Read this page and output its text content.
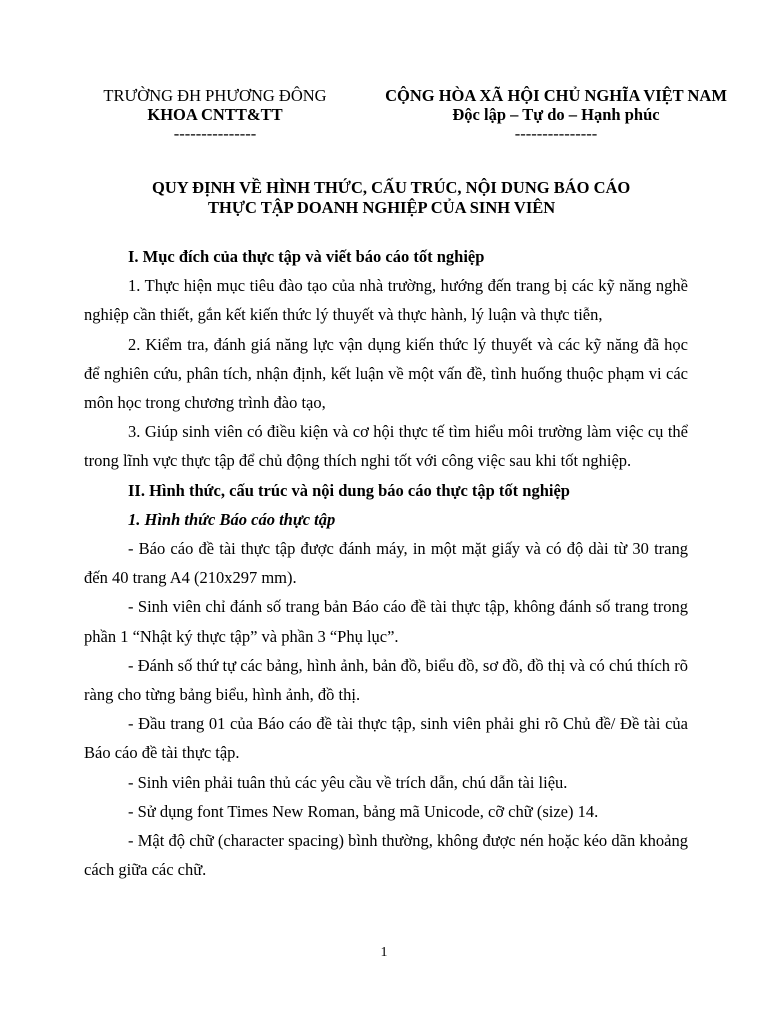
TRƯỜNG ĐH PHƯƠNG ĐÔNG
KHOA CNTT&TT
---------------
CỘNG HÒA XÃ HỘI CHỦ NGHĨA VIỆT NAM
Độc lập – Tự do – Hạnh phúc
---------------
QUY ĐỊNH VỀ HÌNH THỨC, CẤU TRÚC, NỘI DUNG BÁO CÁO
THỰC TẬP DOANH NGHIỆP CỦA SINH VIÊN

I. Mục đích của thực tập và viết báo cáo tốt nghiệp

1. Thực hiện mục tiêu đào tạo của nhà trường, hướng đến trang bị các kỹ năng nghề nghiệp cần thiết, gắn kết kiến thức lý thuyết và thực hành, lý luận và thực tiễn,

2. Kiểm tra, đánh giá năng lực vận dụng kiến thức lý thuyết và các kỹ năng đã học để nghiên cứu, phân tích, nhận định, kết luận về một vấn đề, tình huống thuộc phạm vi các môn học trong chương trình đào tạo,

3. Giúp sinh viên có điều kiện và cơ hội thực tế tìm hiểu môi trường làm việc cụ thể trong lĩnh vực thực tập để chủ động thích nghi tốt với công việc sau khi tốt nghiệp.

II. Hình thức, cấu trúc và nội dung báo cáo thực tập tốt nghiệp

1. Hình thức Báo cáo thực tập

- Báo cáo đề tài thực tập được đánh máy, in một mặt giấy và có độ dài từ 30 trang đến 40 trang A4 (210x297 mm).

- Sinh viên chỉ đánh số trang bản Báo cáo đề tài thực tập, không đánh số trang trong phần 1 “Nhật ký thực tập” và phần 3 “Phụ lục”.

- Đánh số thứ tự các bảng, hình ảnh, bản đồ, biểu đồ, sơ đồ, đồ thị và có chú thích rõ ràng cho từng bảng biểu, hình ảnh, đồ thị.

- Đầu trang 01 của Báo cáo đề tài thực tập, sinh viên phải ghi rõ Chủ đề/ Đề tài của Báo cáo đề tài thực tập.

- Sinh viên phải tuân thủ các yêu cầu về trích dẫn, chú dẫn tài liệu.

- Sử dụng font Times New Roman, bảng mã Unicode, cỡ chữ (size) 14.

- Mật độ chữ (character spacing) bình thường, không được nén hoặc kéo dãn khoảng cách giữa các chữ.

1
